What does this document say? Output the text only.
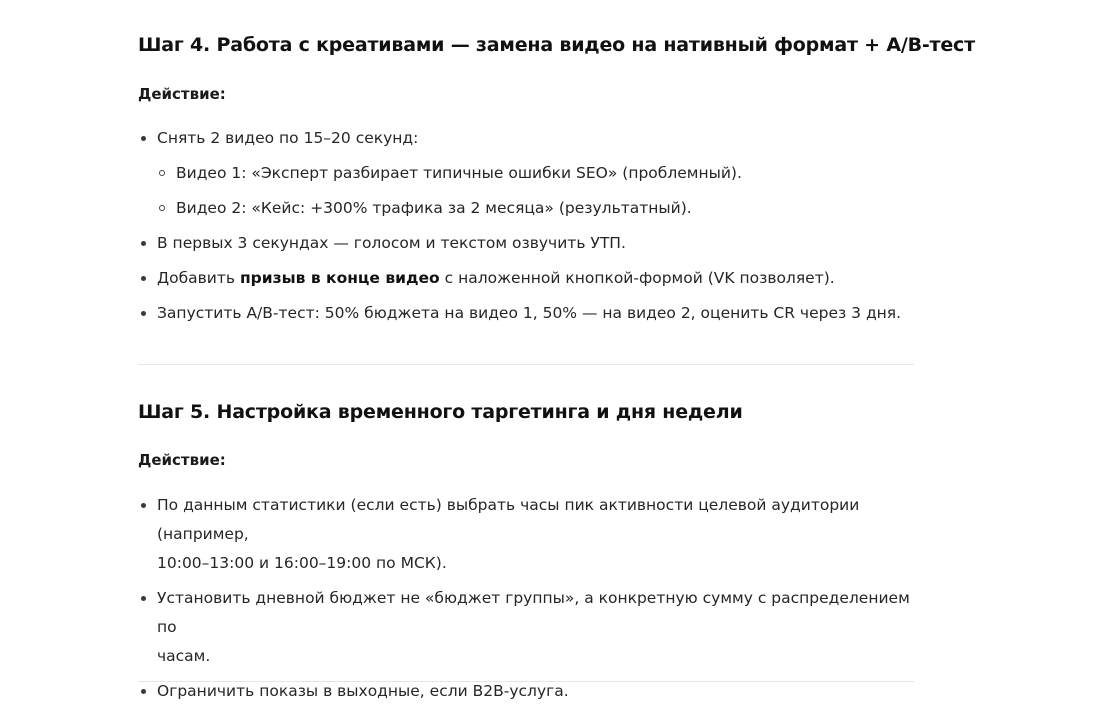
Шаг 4. Работа с креативами — замена видео на нативный формат + A/B-тест

Действие:

Снять 2 видео по 15–20 секунд:
Видео 1: «Эксперт разбирает типичные ошибки SEO» (проблемный).
Видео 2: «Кейс: +300% трафика за 2 месяца» (результатный).
В первых 3 секундах — голосом и текстом озвучить УТП.
Добавить призыв в конце видео с наложенной кнопкой-формой (VK позволяет).
Запустить A/B-тест: 50% бюджета на видео 1, 50% — на видео 2, оценить CR через 3 дня.
Шаг 5. Настройка временного таргетинга и дня недели

Действие:

По данным статистики (если есть) выбрать часы пик активности целевой аудитории (например,
10:00–13:00 и 16:00–19:00 по МСК).
Установить дневной бюджет не «бюджет группы», а конкретную сумму с распределением по
часам.
Ограничить показы в выходные, если B2B-услуга.
